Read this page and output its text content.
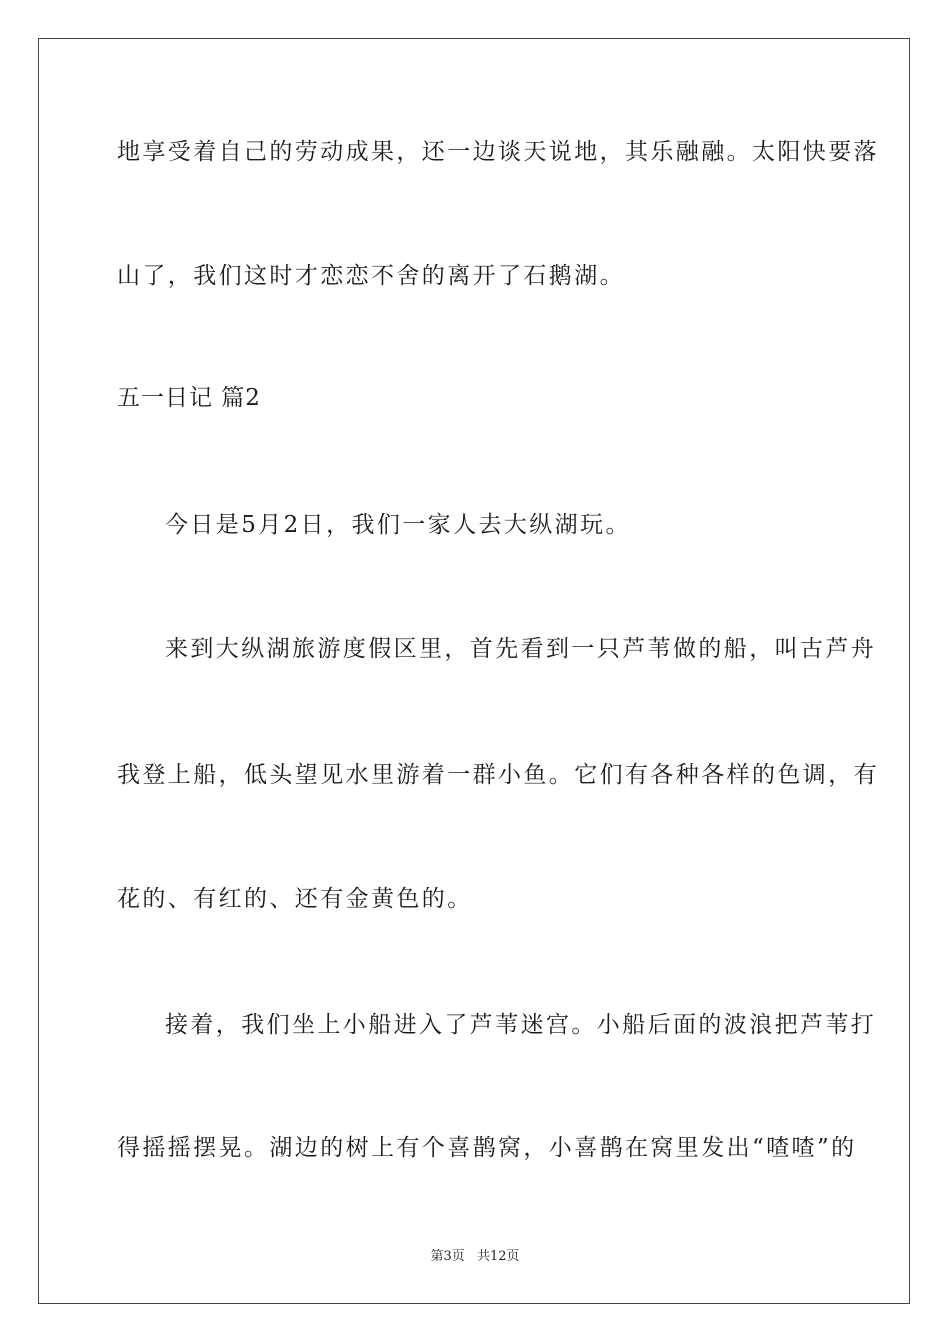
地享受着自己的劳动成果，还一边谈天说地，其乐融融。太阳快要落
山了，我们这时才恋恋不舍的离开了石鹅湖。
五一日记 篇2
今日是5月2日，我们一家人去大纵湖玩。
来到大纵湖旅游度假区里，首先看到一只芦苇做的船，叫古芦舟
我登上船，低头望见水里游着一群小鱼。它们有各种各样的色调，有
花的、有红的、还有金黄色的。
接着，我们坐上小船进入了芦苇迷宫。小船后面的波浪把芦苇打
得摇摇摆晃。湖边的树上有个喜鹊窝，小喜鹊在窝里发出“喳喳”的
第3页 共12页
